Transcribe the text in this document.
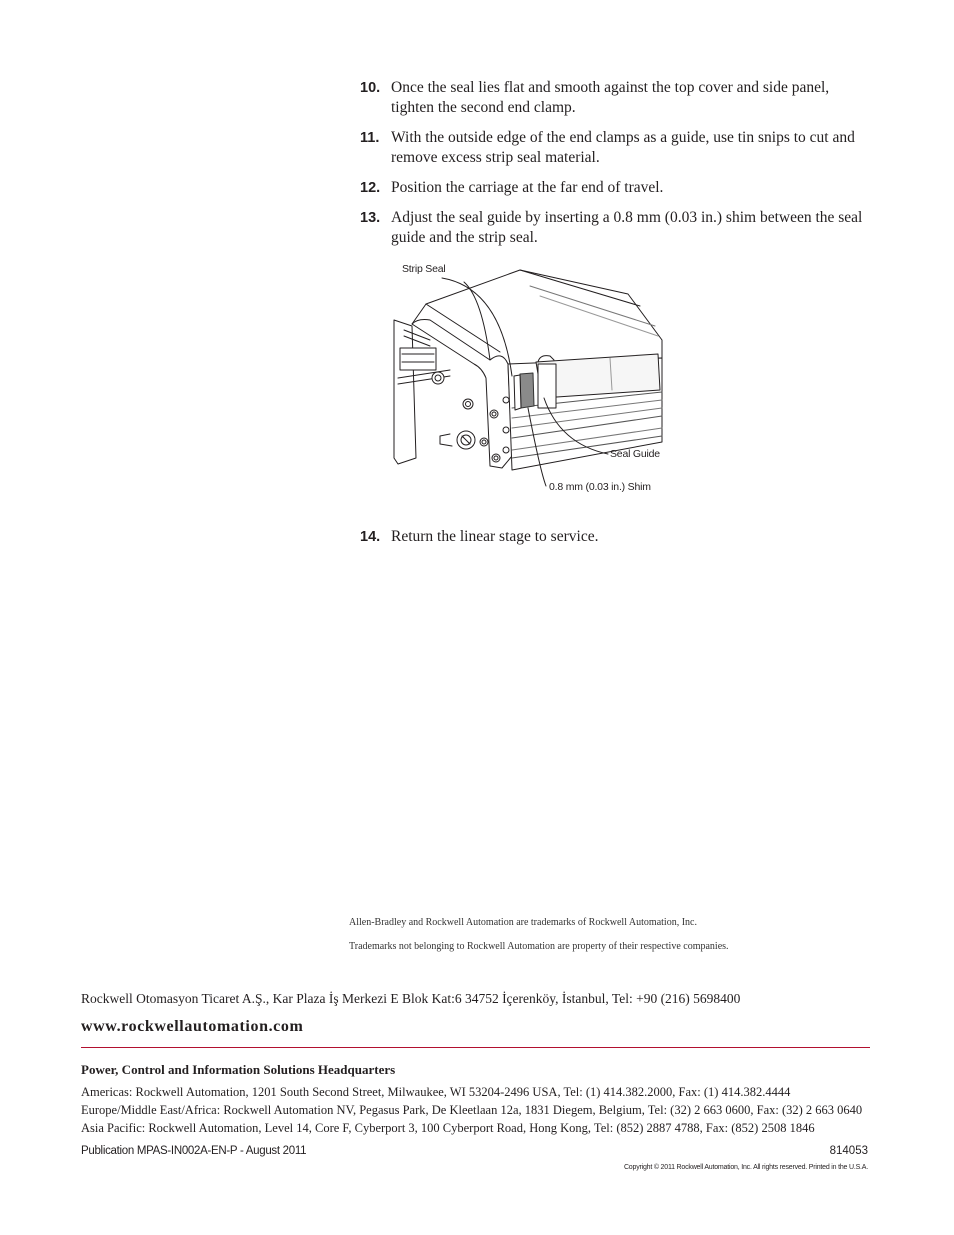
10. Once the seal lies flat and smooth against the top cover and side panel, tighten the second end clamp.
11. With the outside edge of the end clamps as a guide, use tin snips to cut and remove excess strip seal material.
12. Position the carriage at the far end of travel.
13. Adjust the seal guide by inserting a 0.8 mm (0.03 in.) shim between the seal guide and the strip seal.
Strip Seal
Seal Guide
0.8 mm (0.03 in.) Shim
14. Return the linear stage to service.
Allen-Bradley and Rockwell Automation are trademarks of Rockwell Automation, Inc.
Trademarks not belonging to Rockwell Automation are property of their respective companies.
Rockwell Otomasyon Ticaret A.Ş., Kar Plaza İş Merkezi E Blok Kat:6 34752 İçerenköy, İstanbul, Tel: +90 (216) 5698400
www.rockwellautomation.com
Power, Control and Information Solutions Headquarters
Americas: Rockwell Automation, 1201 South Second Street, Milwaukee, WI 53204-2496 USA, Tel: (1) 414.382.2000, Fax: (1) 414.382.4444
Europe/Middle East/Africa: Rockwell Automation NV, Pegasus Park, De Kleetlaan 12a, 1831 Diegem, Belgium, Tel: (32) 2 663 0600, Fax: (32) 2 663 0640
Asia Pacific: Rockwell Automation, Level 14, Core F, Cyberport 3, 100 Cyberport Road, Hong Kong, Tel: (852) 2887 4788, Fax: (852) 2508 1846
Publication MPAS-IN002A-EN-P - August 2011	814053
Copyright © 2011 Rockwell Automation, Inc. All rights reserved. Printed in the U.S.A.
